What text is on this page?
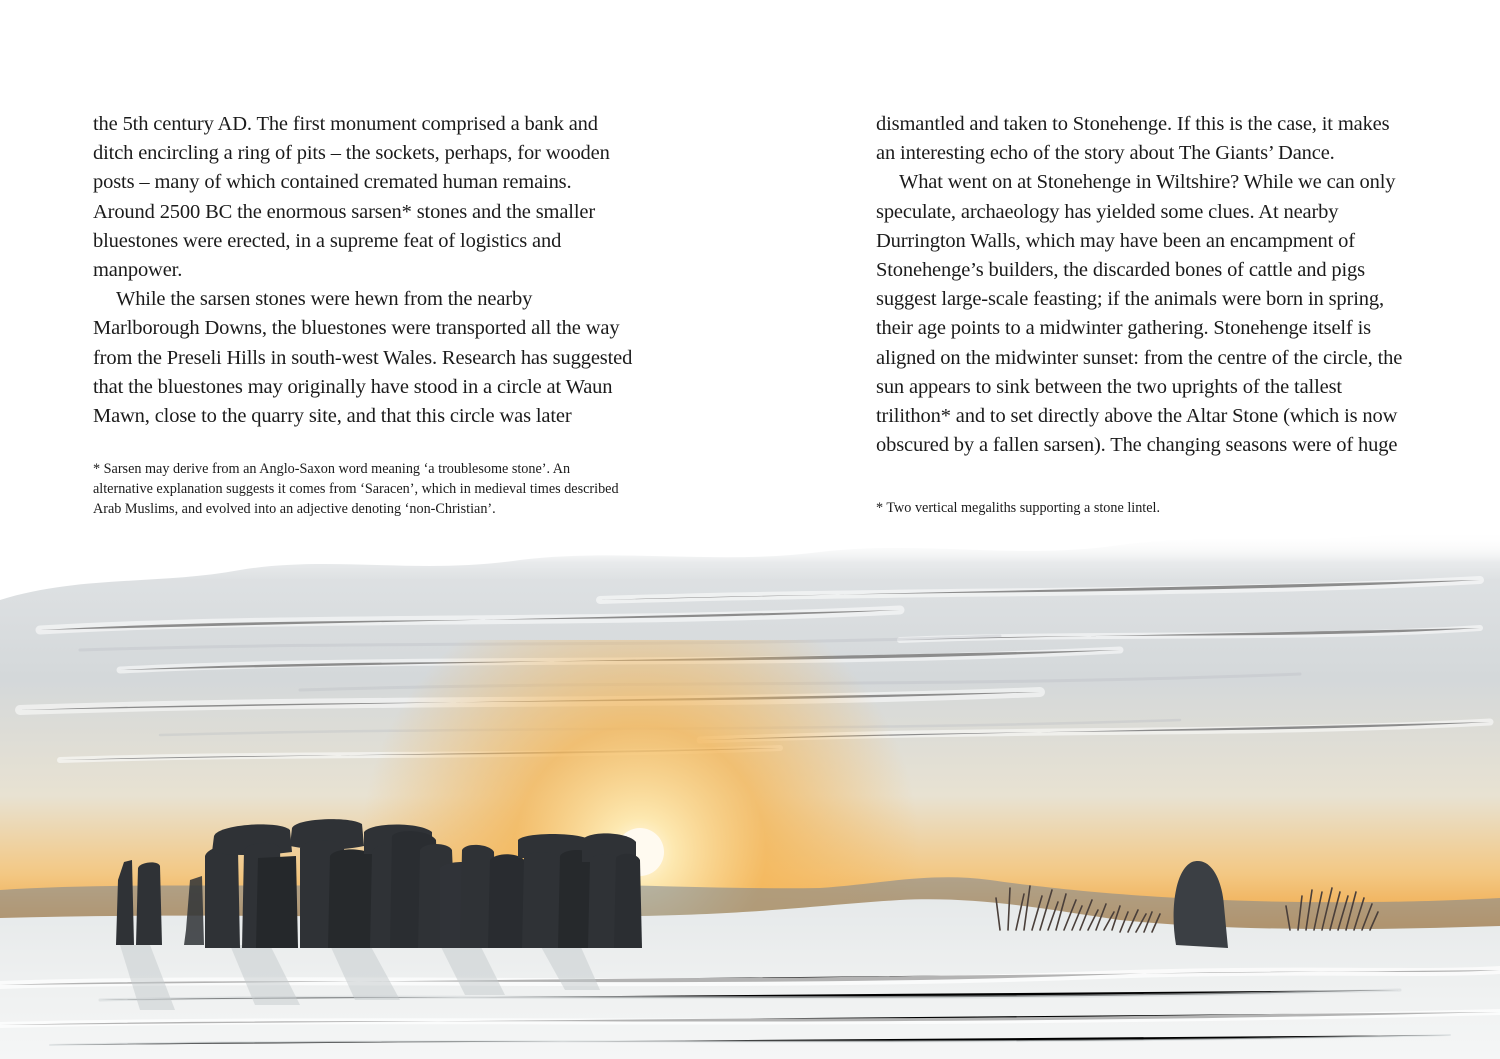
the 5th century AD. The first monument comprised a bank and
ditch encircling a ring of pits – the sockets, perhaps, for wooden
posts – many of which contained cremated human remains.
Around 2500 BC the enormous sarsen* stones and the smaller
bluestones were erected, in a supreme feat of logistics and
manpower.

While the sarsen stones were hewn from the nearby
Marlborough Downs, the bluestones were transported all the way
from the Preseli Hills in south-west Wales. Research has suggested
that the bluestones may originally have stood in a circle at Waun
Mawn, close to the quarry site, and that this circle was later

* Sarsen may derive from an Anglo-Saxon word meaning ‘a troublesome stone’. An
alternative explanation suggests it comes from ‘Saracen’, which in medieval times described
Arab Muslims, and evolved into an adjective denoting ‘non-Christian’.

dismantled and taken to Stonehenge. If this is the case, it makes
an interesting echo of the story about The Giants’ Dance.

What went on at Stonehenge in Wiltshire? While we can only
speculate, archaeology has yielded some clues. At nearby
Durrington Walls, which may have been an encampment of
Stonehenge’s builders, the discarded bones of cattle and pigs
suggest large-scale feasting; if the animals were born in spring,
their age points to a midwinter gathering. Stonehenge itself is
aligned on the midwinter sunset: from the centre of the circle, the
sun appears to sink between the two uprights of the tallest
trilithon* and to set directly above the Altar Stone (which is now
obscured by a fallen sarsen). The changing seasons were of huge

* Two vertical megaliths supporting a stone lintel.
